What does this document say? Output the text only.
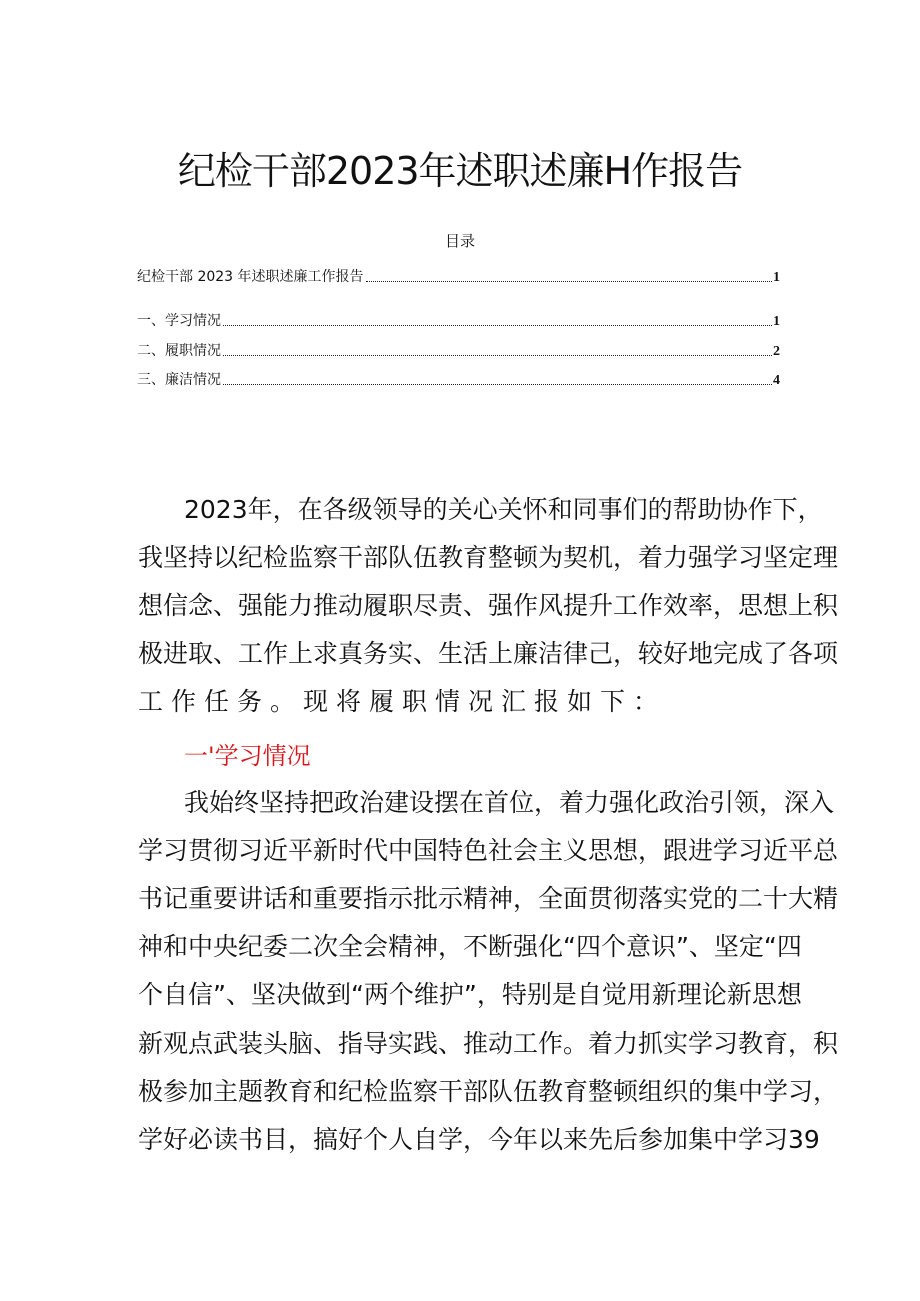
纪检干部2023年述职述廉H作报告
目录
纪检干部 2023 年述职述廉工作报告	1
一、学习情况	1
二、履职情况	2
三、廉洁情况	4
2023年，在各级领导的关心关怀和同事们的帮助协作下，
我坚持以纪检监察干部队伍教育整顿为契机，着力强学习坚定理
想信念、强能力推动履职尽责、强作风提升工作效率，思想上积
极进取、工作上求真务实、生活上廉洁律己，较好地完成了各项
工作任务。现将履职情况汇报如下：
一'学习情况
我始终坚持把政治建设摆在首位，着力强化政治引领，深入
学习贯彻习近平新时代中国特色社会主义思想，跟进学习近平总
书记重要讲话和重要指示批示精神，全面贯彻落实党的二十大精
神和中央纪委二次全会精神，不断强化“四个意识”、坚定“四
个自信”、坚决做到“两个维护”，特别是自觉用新理论新思想
新观点武装头脑、指导实践、推动工作。着力抓实学习教育，积
极参加主题教育和纪检监察干部队伍教育整顿组织的集中学习，
学好必读书目，搞好个人自学，今年以来先后参加集中学习39
